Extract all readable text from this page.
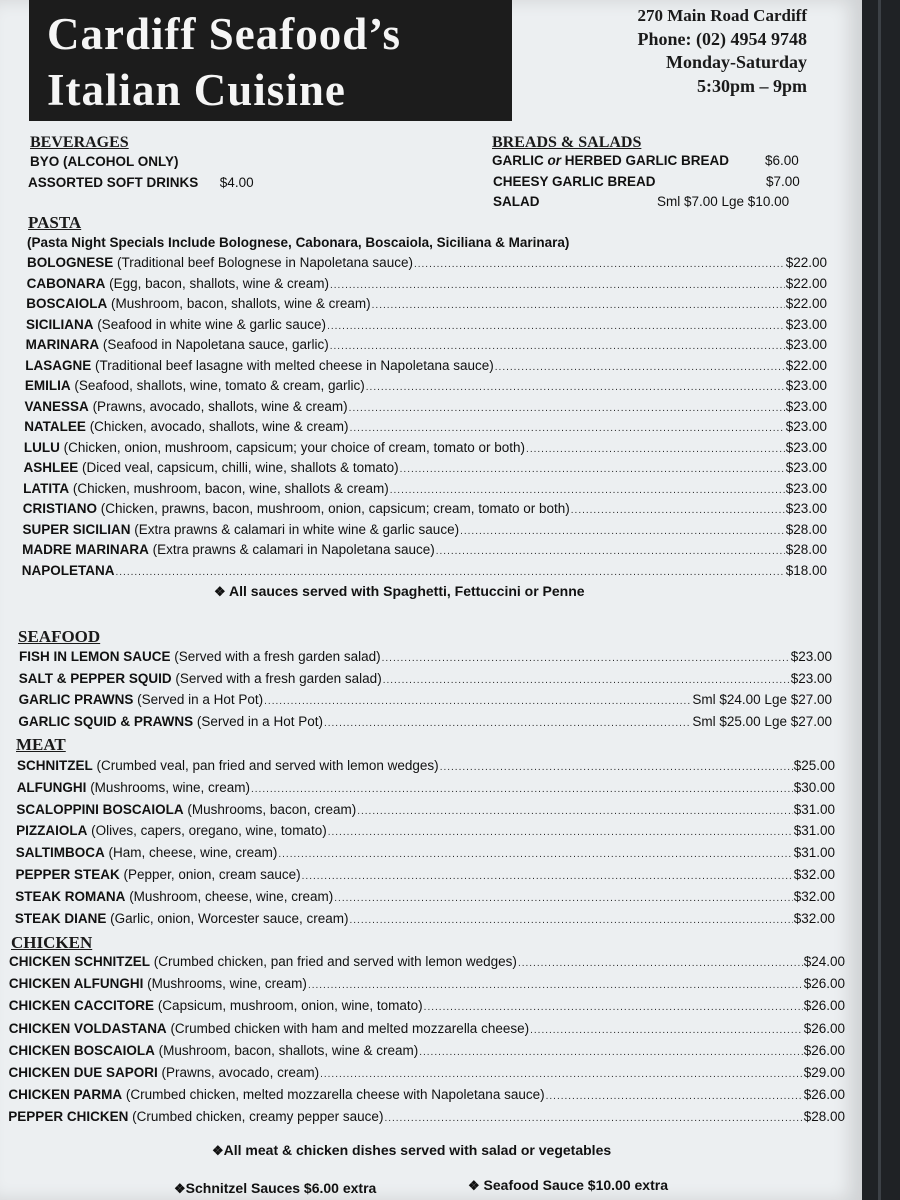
Cardiff Seafood’s
Italian Cuisine
270 Main Road Cardiff
Phone: (02) 4954 9748
Monday-Saturday
5:30pm – 9pm
BEVERAGES
BYO (ALCOHOL ONLY)
ASSORTED SOFT DRINKS $4.00
BREADS & SALADS
GARLIC or HERBED GARLIC BREAD	$6.00
CHEESY GARLIC BREAD	$7.00
SALAD	Sml $7.00 Lge $10.00
PASTA
(Pasta Night Specials Include Bolognese, Cabonara, Boscaiola, Siciliana & Marinara)
BOLOGNESE (Traditional beef Bolognese in Napoletana sauce) .....	$22.00
CABONARA (Egg, bacon, shallots, wine & cream) .....	$22.00
BOSCAIOLA (Mushroom, bacon, shallots, wine & cream) .....	$22.00
SICILIANA (Seafood in white wine & garlic sauce) .....	$23.00
MARINARA (Seafood in Napoletana sauce, garlic) .....	$23.00
LASAGNE (Traditional beef lasagne with melted cheese in Napoletana sauce) .....	$22.00
EMILIA (Seafood, shallots, wine, tomato & cream, garlic) .....	$23.00
VANESSA (Prawns, avocado, shallots, wine & cream) .....	$23.00
NATALEE (Chicken, avocado, shallots, wine & cream) .....	$23.00
LULU (Chicken, onion, mushroom, capsicum; your choice of cream, tomato or both) .....	$23.00
ASHLEE (Diced veal, capsicum, chilli, wine, shallots & tomato) .....	$23.00
LATITA (Chicken, mushroom, bacon, wine, shallots & cream) .....	$23.00
CRISTIANO (Chicken, prawns, bacon, mushroom, onion, capsicum; cream, tomato or both) .....	$23.00
SUPER SICILIAN (Extra prawns & calamari in white wine & garlic sauce) .....	$28.00
MADRE MARINARA (Extra prawns & calamari in Napoletana sauce) .....	$28.00
NAPOLETANA .....	$18.00
❖ All sauces served with Spaghetti, Fettuccini or Penne
SEAFOOD
FISH IN LEMON SAUCE (Served with a fresh garden salad) .....	$23.00
SALT & PEPPER SQUID (Served with a fresh garden salad) .....	$23.00
GARLIC PRAWNS (Served in a Hot Pot) .....	Sml $24.00 Lge $27.00
GARLIC SQUID & PRAWNS (Served in a Hot Pot) .....	Sml $25.00 Lge $27.00
MEAT
SCHNITZEL (Crumbed veal, pan fried and served with lemon wedges) .....	$25.00
ALFUNGHI (Mushrooms, wine, cream) .....	$30.00
SCALOPPINI BOSCAIOLA (Mushrooms, bacon, cream) .....	$31.00
PIZZAIOLA (Olives, capers, oregano, wine, tomato) .....	$31.00
SALTIMBOCA (Ham, cheese, wine, cream) .....	$31.00
PEPPER STEAK (Pepper, onion, cream sauce) .....	$32.00
STEAK ROMANA (Mushroom, cheese, wine, cream) .....	$32.00
STEAK DIANE (Garlic, onion, Worcester sauce, cream) .....	$32.00
CHICKEN
CHICKEN SCHNITZEL (Crumbed chicken, pan fried and served with lemon wedges) .....	$24.00
CHICKEN ALFUNGHI (Mushrooms, wine, cream) .....	$26.00
CHICKEN CACCITORE (Capsicum, mushroom, onion, wine, tomato) .....	$26.00
CHICKEN VOLDASTANA (Crumbed chicken with ham and melted mozzarella cheese) .....	$26.00
CHICKEN BOSCAIOLA (Mushroom, bacon, shallots, wine & cream) .....	$26.00
CHICKEN DUE SAPORI (Prawns, avocado, cream) .....	$29.00
CHICKEN PARMA (Crumbed chicken, melted mozzarella cheese with Napoletana sauce) .....	$26.00
PEPPER CHICKEN (Crumbed chicken, creamy pepper sauce) .....	$28.00
❖All meat & chicken dishes served with salad or vegetables
❖Schnitzel Sauces $6.00 extra	❖ Seafood Sauce $10.00 extra
